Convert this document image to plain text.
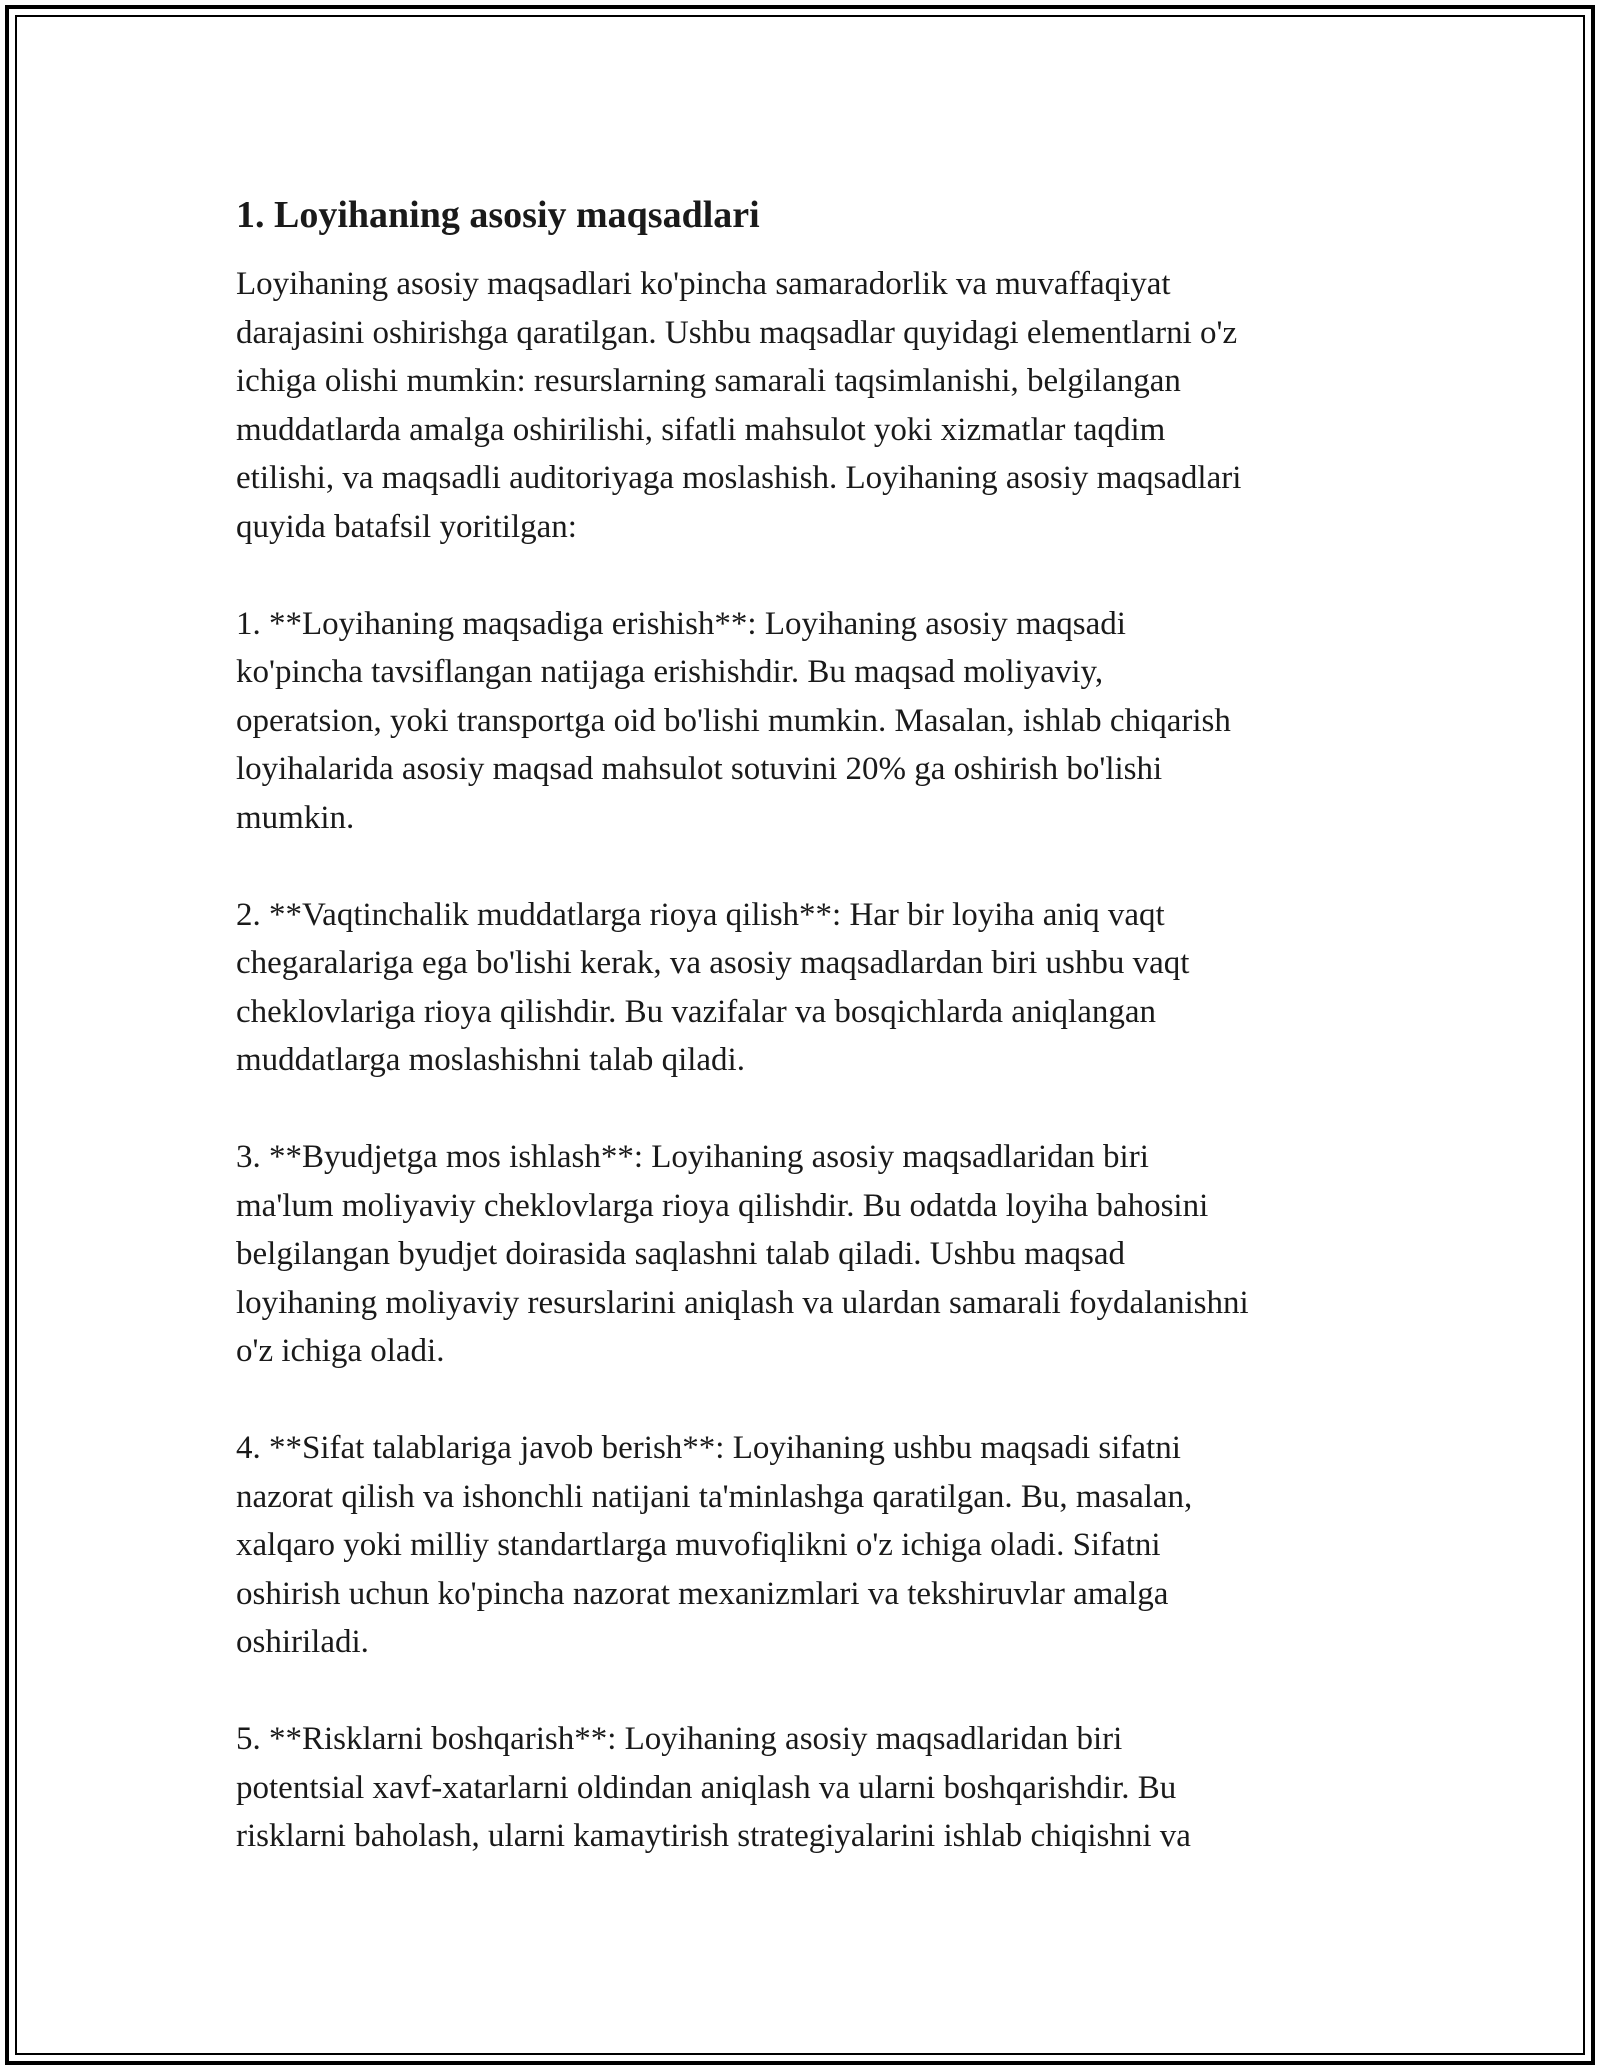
1. Loyihaning asosiy maqsadlari

Loyihaning asosiy maqsadlari ko'pincha samaradorlik va muvaffaqiyat
darajasini oshirishga qaratilgan. Ushbu maqsadlar quyidagi elementlarni o'z
ichiga olishi mumkin: resurslarning samarali taqsimlanishi, belgilangan
muddatlarda amalga oshirilishi, sifatli mahsulot yoki xizmatlar taqdim
etilishi, va maqsadli auditoriyaga moslashish. Loyihaning asosiy maqsadlari
quyida batafsil yoritilgan:

1. **Loyihaning maqsadiga erishish**: Loyihaning asosiy maqsadi
ko'pincha tavsiflangan natijaga erishishdir. Bu maqsad moliyaviy,
operatsion, yoki transportga oid bo'lishi mumkin. Masalan, ishlab chiqarish
loyihalarida asosiy maqsad mahsulot sotuvini 20% ga oshirish bo'lishi
mumkin.

2. **Vaqtinchalik muddatlarga rioya qilish**: Har bir loyiha aniq vaqt
chegaralariga ega bo'lishi kerak, va asosiy maqsadlardan biri ushbu vaqt
cheklovlariga rioya qilishdir. Bu vazifalar va bosqichlarda aniqlangan
muddatlarga moslashishni talab qiladi.

3. **Byudjetga mos ishlash**: Loyihaning asosiy maqsadlaridan biri
ma'lum moliyaviy cheklovlarga rioya qilishdir. Bu odatda loyiha bahosini
belgilangan byudjet doirasida saqlashni talab qiladi. Ushbu maqsad
loyihaning moliyaviy resurslarini aniqlash va ulardan samarali foydalanishni
o'z ichiga oladi.

4. **Sifat talablariga javob berish**: Loyihaning ushbu maqsadi sifatni
nazorat qilish va ishonchli natijani ta'minlashga qaratilgan. Bu, masalan,
xalqaro yoki milliy standartlarga muvofiqlikni o'z ichiga oladi. Sifatni
oshirish uchun ko'pincha nazorat mexanizmlari va tekshiruvlar amalga
oshiriladi.

5. **Risklarni boshqarish**: Loyihaning asosiy maqsadlaridan biri
potentsial xavf-xatarlarni oldindan aniqlash va ularni boshqarishdir. Bu
risklarni baholash, ularni kamaytirish strategiyalarini ishlab chiqishni va
